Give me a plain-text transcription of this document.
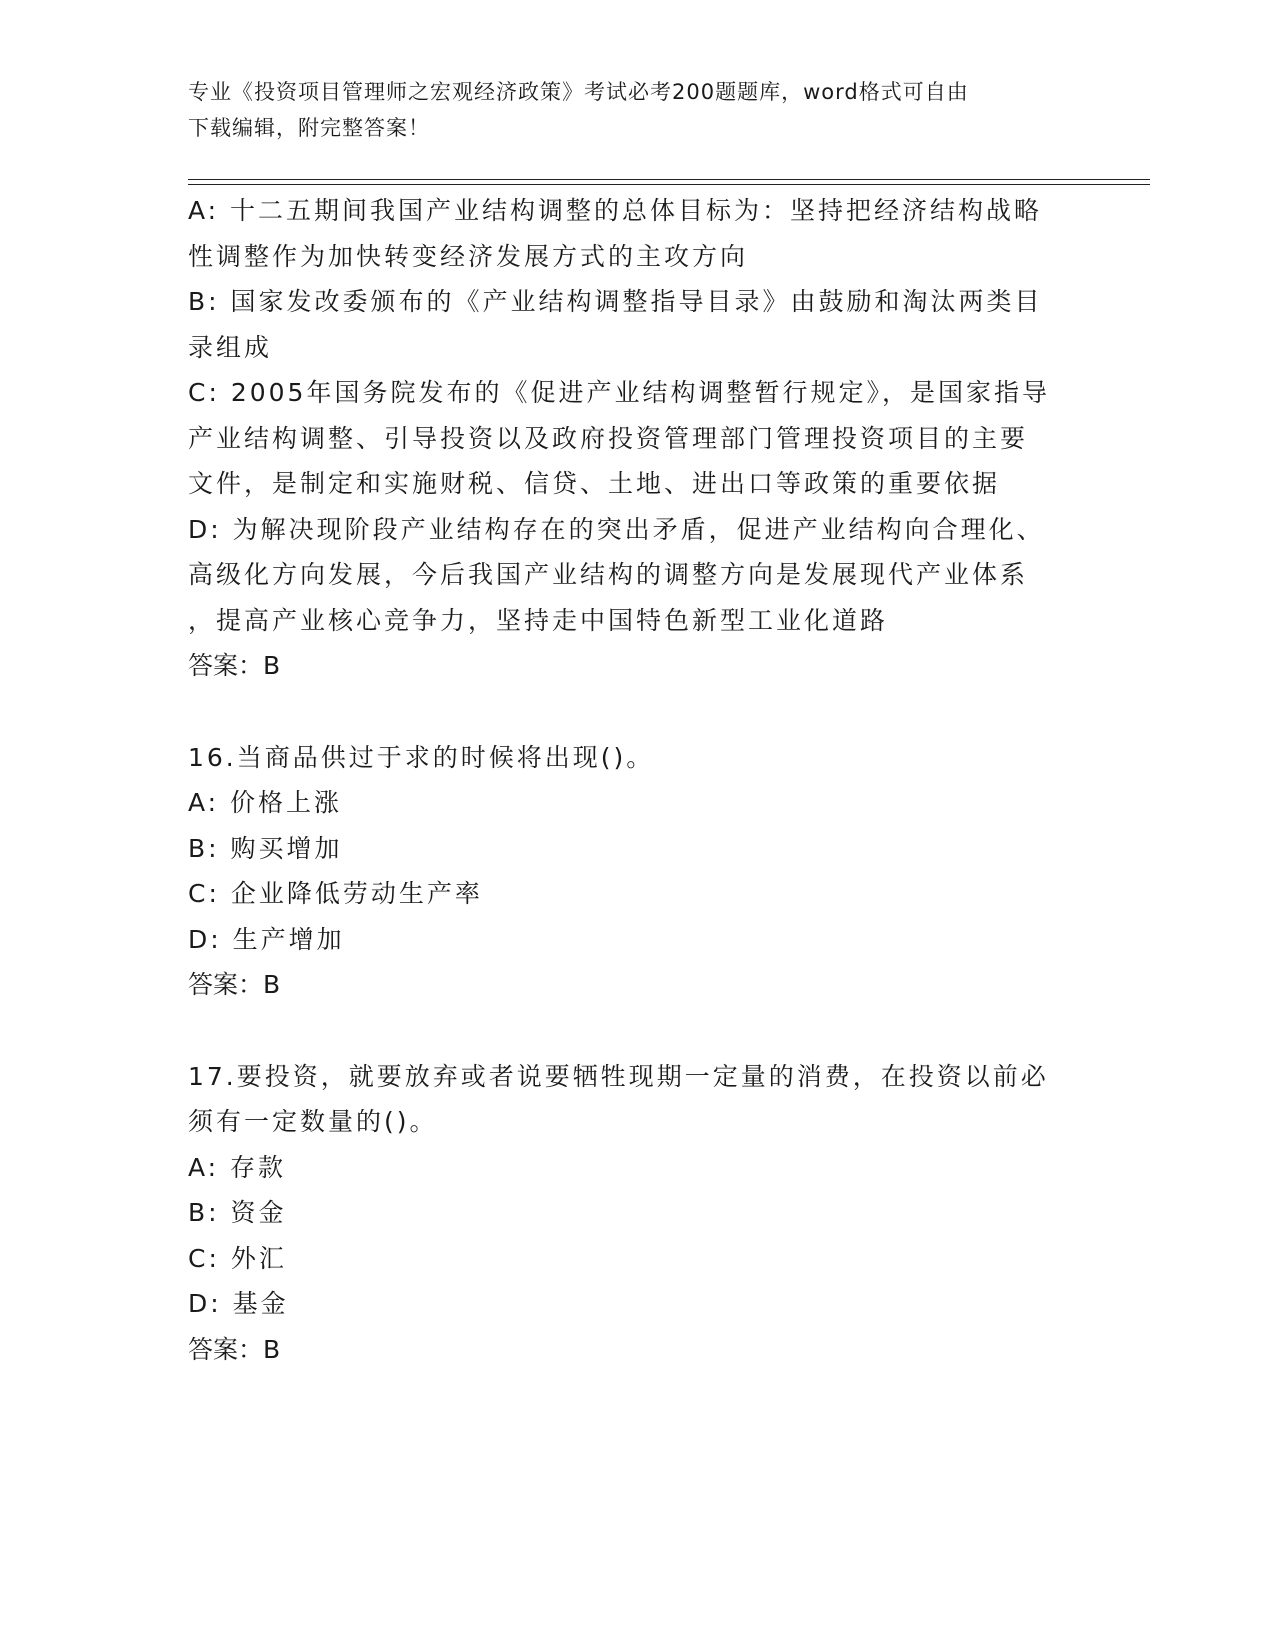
专业《投资项目管理师之宏观经济政策》考试必考200题题库，word格式可自由
下载编辑，附完整答案！
A: 十二五期间我国产业结构调整的总体目标为：坚持把经济结构战略
性调整作为加快转变经济发展方式的主攻方向
B: 国家发改委颁布的《产业结构调整指导目录》由鼓励和淘汰两类目
录组成
C: 2005年国务院发布的《促进产业结构调整暂行规定》，是国家指导
产业结构调整、引导投资以及政府投资管理部门管理投资项目的主要
文件，是制定和实施财税、信贷、土地、进出口等政策的重要依据
D: 为解决现阶段产业结构存在的突出矛盾，促进产业结构向合理化、
高级化方向发展，今后我国产业结构的调整方向是发展现代产业体系
，提高产业核心竞争力，坚持走中国特色新型工业化道路
答案：B
16.当商品供过于求的时候将出现()。
A: 价格上涨
B: 购买增加
C: 企业降低劳动生产率
D: 生产增加
答案：B
17.要投资，就要放弃或者说要牺牲现期一定量的消费，在投资以前必
须有一定数量的()。
A: 存款
B: 资金
C: 外汇
D: 基金
答案：B
